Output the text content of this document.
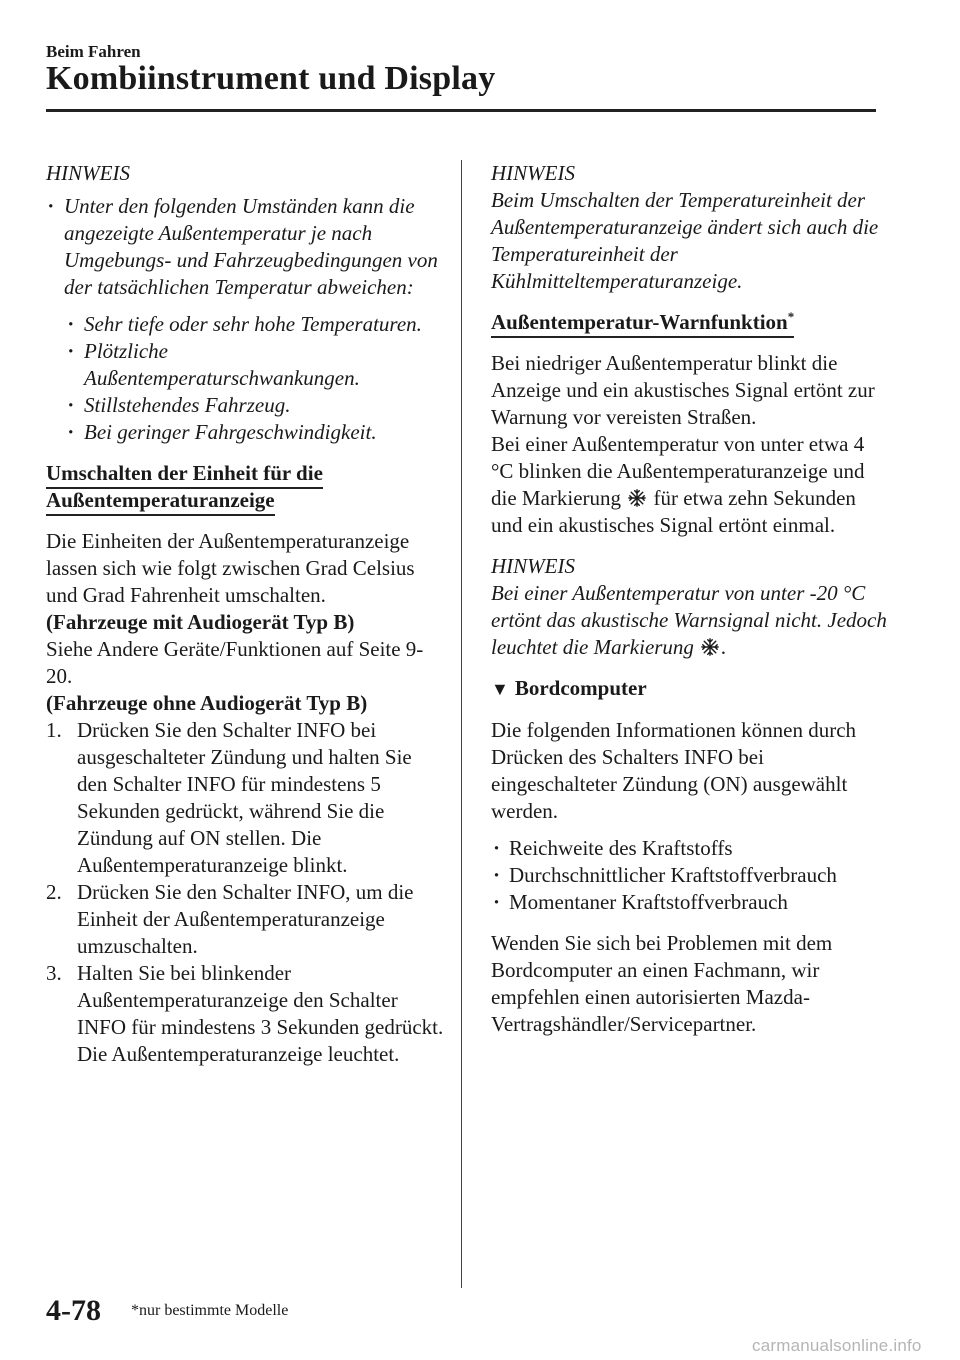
Beim Fahren
Kombiinstrument und Display

HINWEIS

· Unter den folgenden Umständen kann die angezeigte Außentemperatur je nach Umgebungs- und Fahrzeugbedingungen von der tatsächlichen Temperatur abweichen:
· Sehr tiefe oder sehr hohe Temperaturen.
· Plötzliche Außentemperaturschwankungen.
· Stillstehendes Fahrzeug.
· Bei geringer Fahrgeschwindigkeit.

Umschalten der Einheit für die
Außentemperaturanzeige

Die Einheiten der Außentemperaturanzeige lassen sich wie folgt zwischen Grad Celsius und Grad Fahrenheit umschalten.

(Fahrzeuge mit Audiogerät Typ B)

Siehe Andere Geräte/Funktionen auf Seite 9-20.

(Fahrzeuge ohne Audiogerät Typ B)

1. Drücken Sie den Schalter INFO bei ausgeschalteter Zündung und halten Sie den Schalter INFO für mindestens 5 Sekunden gedrückt, während Sie die Zündung auf ON stellen. Die Außentemperaturanzeige blinkt.
2. Drücken Sie den Schalter INFO, um die Einheit der Außentemperaturanzeige umzuschalten.
3. Halten Sie bei blinkender Außentemperaturanzeige den Schalter INFO für mindestens 3 Sekunden gedrückt. Die Außentemperaturanzeige leuchtet.

HINWEIS

Beim Umschalten der Temperatureinheit der Außentemperaturanzeige ändert sich auch die Temperatureinheit der Kühlmitteltemperaturanzeige.

Außentemperatur-Warnfunktion*

Bei niedriger Außentemperatur blinkt die Anzeige und ein akustisches Signal ertönt zur Warnung vor vereisten Straßen.

Bei einer Außentemperatur von unter etwa 4 °C blinken die Außentemperaturanzeige und die Markierung für etwa zehn Sekunden und ein akustisches Signal ertönt einmal.

HINWEIS

Bei einer Außentemperatur von unter -20 °C ertönt das akustische Warnsignal nicht. Jedoch leuchtet die Markierung .

▼ Bordcomputer

Die folgenden Informationen können durch Drücken des Schalters INFO bei eingeschalteter Zündung (ON) ausgewählt werden.

· Reichweite des Kraftstoffs
· Durchschnittlicher Kraftstoffverbrauch
· Momentaner Kraftstoffverbrauch

Wenden Sie sich bei Problemen mit dem Bordcomputer an einen Fachmann, wir empfehlen einen autorisierten Mazda-Vertragshändler/Servicepartner.

4-78 *nur bestimmte Modelle
carmanualsonline.info
